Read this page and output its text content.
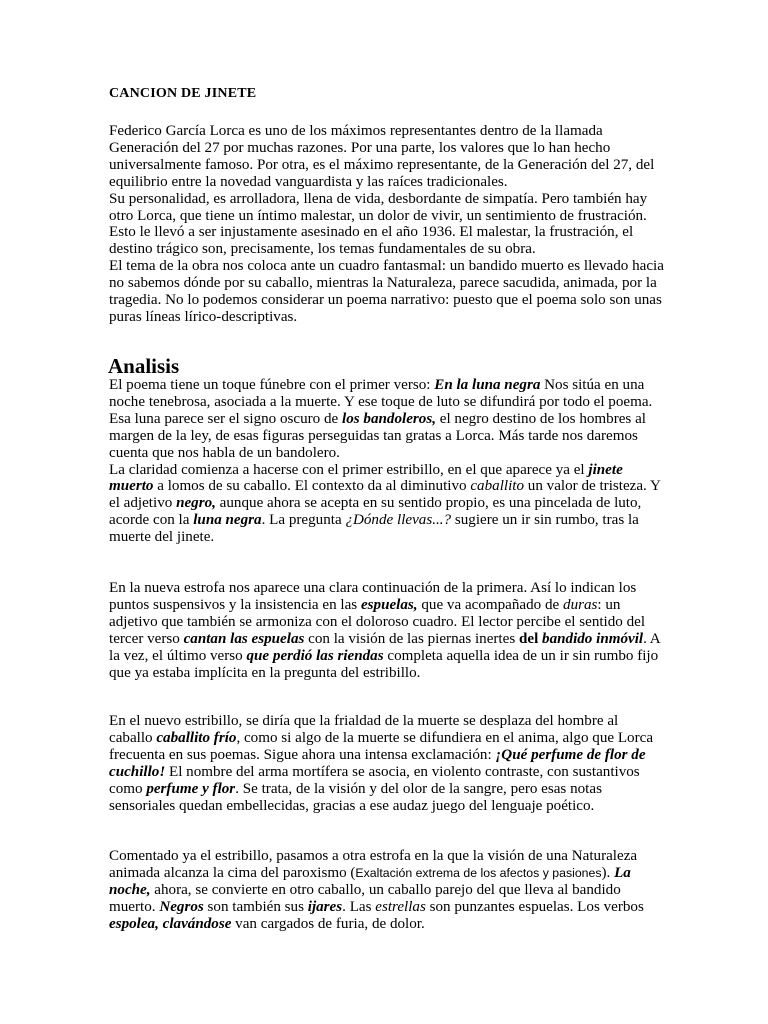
CANCION DE JINETE
Federico García Lorca es uno de los máximos representantes dentro de la llamada Generación del 27 por muchas razones. Por una parte, los valores que lo han hecho universalmente famoso. Por otra, es el máximo representante, de la Generación del 27, del equilibrio entre la novedad vanguardista y las raíces tradicionales.
Su personalidad, es arrolladora, llena de vida, desbordante de simpatía. Pero también hay otro Lorca, que tiene un íntimo malestar, un dolor de vivir, un sentimiento de frustración. Esto le llevó a ser injustamente asesinado en el año 1936. El malestar, la frustración, el destino trágico son, precisamente, los temas fundamentales de su obra.
El tema de la obra nos coloca ante un cuadro fantasmal: un bandido muerto es llevado hacia no sabemos dónde por su caballo, mientras la Naturaleza, parece sacudida, animada, por la tragedia. No lo podemos considerar un poema narrativo: puesto que el poema solo son unas puras líneas lírico-descriptivas.
Analisis
El poema tiene un toque fúnebre con el primer verso: En la luna negra Nos sitúa en una noche tenebrosa, asociada a la muerte. Y ese toque de luto se difundirá por todo el poema. Esa luna parece ser el signo oscuro de los bandoleros, el negro destino de los hombres al margen de la ley, de esas figuras perseguidas tan gratas a Lorca. Más tarde nos daremos cuenta que nos habla de un bandolero.
La claridad comienza a hacerse con el primer estribillo, en el que aparece ya el jinete muerto a lomos de su caballo. El contexto da al diminutivo caballito un valor de tristeza. Y el adjetivo negro, aunque ahora se acepta en su sentido propio, es una pincelada de luto, acorde con la luna negra. La pregunta ¿Dónde llevas...? sugiere un ir sin rumbo, tras la muerte del jinete.
En la nueva estrofa nos aparece una clara continuación de la primera. Así lo indican los puntos suspensivos y la insistencia en las espuelas, que va acompañado de duras: un adjetivo que también se armoniza con el doloroso cuadro. El lector percibe el sentido del tercer verso cantan las espuelas con la visión de las piernas inertes del bandido inmóvil. A la vez, el último verso que perdió las riendas completa aquella idea de un ir sin rumbo fijo que ya estaba implícita en la pregunta del estribillo.
En el nuevo estribillo, se diría que la frialdad de la muerte se desplaza del hombre al caballo caballito frío, como si algo de la muerte se difundiera en el anima, algo que Lorca frecuenta en sus poemas. Sigue ahora una intensa exclamación: ¡Qué perfume de flor de cuchillo! El nombre del arma mortífera se asocia, en violento contraste, con sustantivos como perfume y flor. Se trata, de la visión y del olor de la sangre, pero esas notas sensoriales quedan embellecidas, gracias a ese audaz juego del lenguaje poético.
Comentado ya el estribillo, pasamos a otra estrofa en la que la visión de una Naturaleza animada alcanza la cima del paroxismo (Exaltación extrema de los afectos y pasiones). La noche, ahora, se convierte en otro caballo, un caballo parejo del que lleva al bandido muerto. Negros son también sus ijares. Las estrellas son punzantes espuelas. Los verbos espolea, clavándose van cargados de furia, de dolor.
